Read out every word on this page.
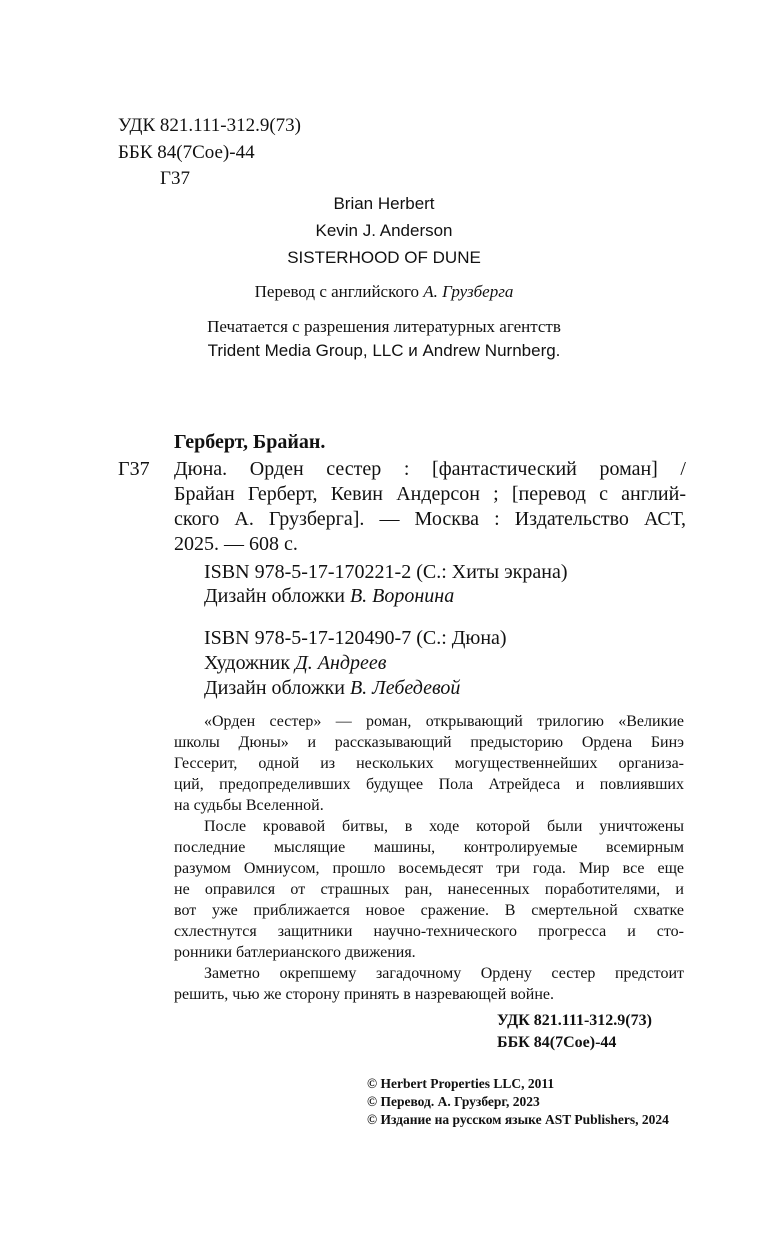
УДК 821.111-312.9(73)
ББК 84(7Сое)-44
Г37
Brian Herbert
Kevin J. Anderson
SISTERHOOD OF DUNE
Перевод с английского А. Грузберга
Печатается с разрешения литературных агентств
Trident Media Group, LLC и Andrew Nurnberg.
Герберт, Брайан.
Г37 Дюна. Орден сестер : [фантастический роман] /
Брайан Герберт, Кевин Андерсон ; [перевод с англий-
ского А. Грузберга]. — Москва : Издательство АСТ,
2025. — 608 с.
ISBN 978-5-17-170221-2 (С.: Хиты экрана)
Дизайн обложки В. Воронина
ISBN 978-5-17-120490-7 (С.: Дюна)
Художник Д. Андреев
Дизайн обложки В. Лебедевой
«Орден сестер» — роман, открывающий трилогию «Великие
школы Дюны» и рассказывающий предысторию Ордена Бинэ
Гессерит, одной из нескольких могущественнейших организа-
ций, предопределивших будущее Пола Атрейдеса и повлиявших
на судьбы Вселенной.
После кровавой битвы, в ходе которой были уничтожены
последние мыслящие машины, контролируемые всемирным
разумом Омниусом, прошло восемьдесят три года. Мир все еще
не оправился от страшных ран, нанесенных поработителями, и
вот уже приближается новое сражение. В смертельной схватке
схлестнутся защитники научно-технического прогресса и сто-
ронники батлерианского движения.
Заметно окрепшему загадочному Ордену сестер предстоит
решить, чью же сторону принять в назревающей войне.
УДК 821.111-312.9(73)
ББК 84(7Сое)-44
© Herbert Properties LLC, 2011
© Перевод. А. Грузберг, 2023
© Издание на русском языке AST Publishers, 2024
